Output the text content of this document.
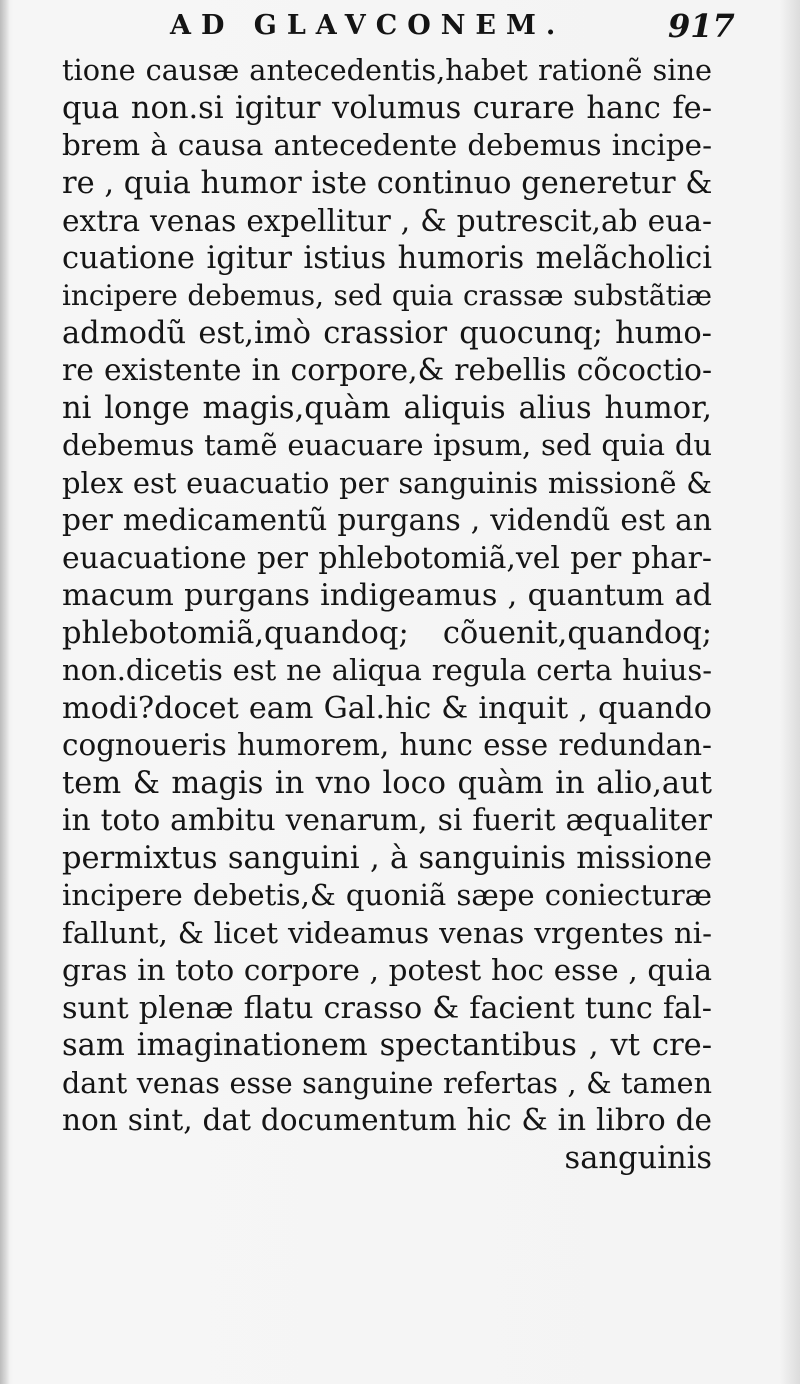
AD GLAVCONEM.	917
tione causæ antecedentis,habet rationẽ sine
qua non.si igitur volumus curare hanc fe-
brem à causa antecedente debemus incipe-
re , quia humor iste continuo generetur &
extra venas expellitur , & putrescit,ab eua-
cuatione igitur istius humoris melãcholici
incipere debemus, sed quia crassæ substãtiæ
admodũ est,imò crassior quocunq; humo-
re existente in corpore,& rebellis cõcoctio-
ni longe magis,quàm aliquis alius humor,
debemus tamẽ euacuare ipsum, sed quia du
plex est euacuatio per sanguinis missionẽ &
per medicamentũ purgans , videndũ est an
euacuatione per phlebotomiã,vel per phar-
macum purgans indigeamus , quantum ad
phlebotomiã,quandoq; cõuenit,quandoq;
non.dicetis est ne aliqua regula certa huius-
modi?docet eam Gal.hic & inquit , quando
cognoueris humorem, hunc esse redundan-
tem & magis in vno loco quàm in alio,aut
in toto ambitu venarum, si fuerit æqualiter
permixtus sanguini , à sanguinis missione
incipere debetis,& quoniã sæpe coniecturæ
fallunt, & licet videamus venas vrgentes ni-
gras in toto corpore , potest hoc esse , quia
sunt plenæ flatu crasso & facient tunc fal-
sam imaginationem spectantibus , vt cre-
dant venas esse sanguine refertas , & tamen
non sint, dat documentum hic & in libro de
sanguinis
